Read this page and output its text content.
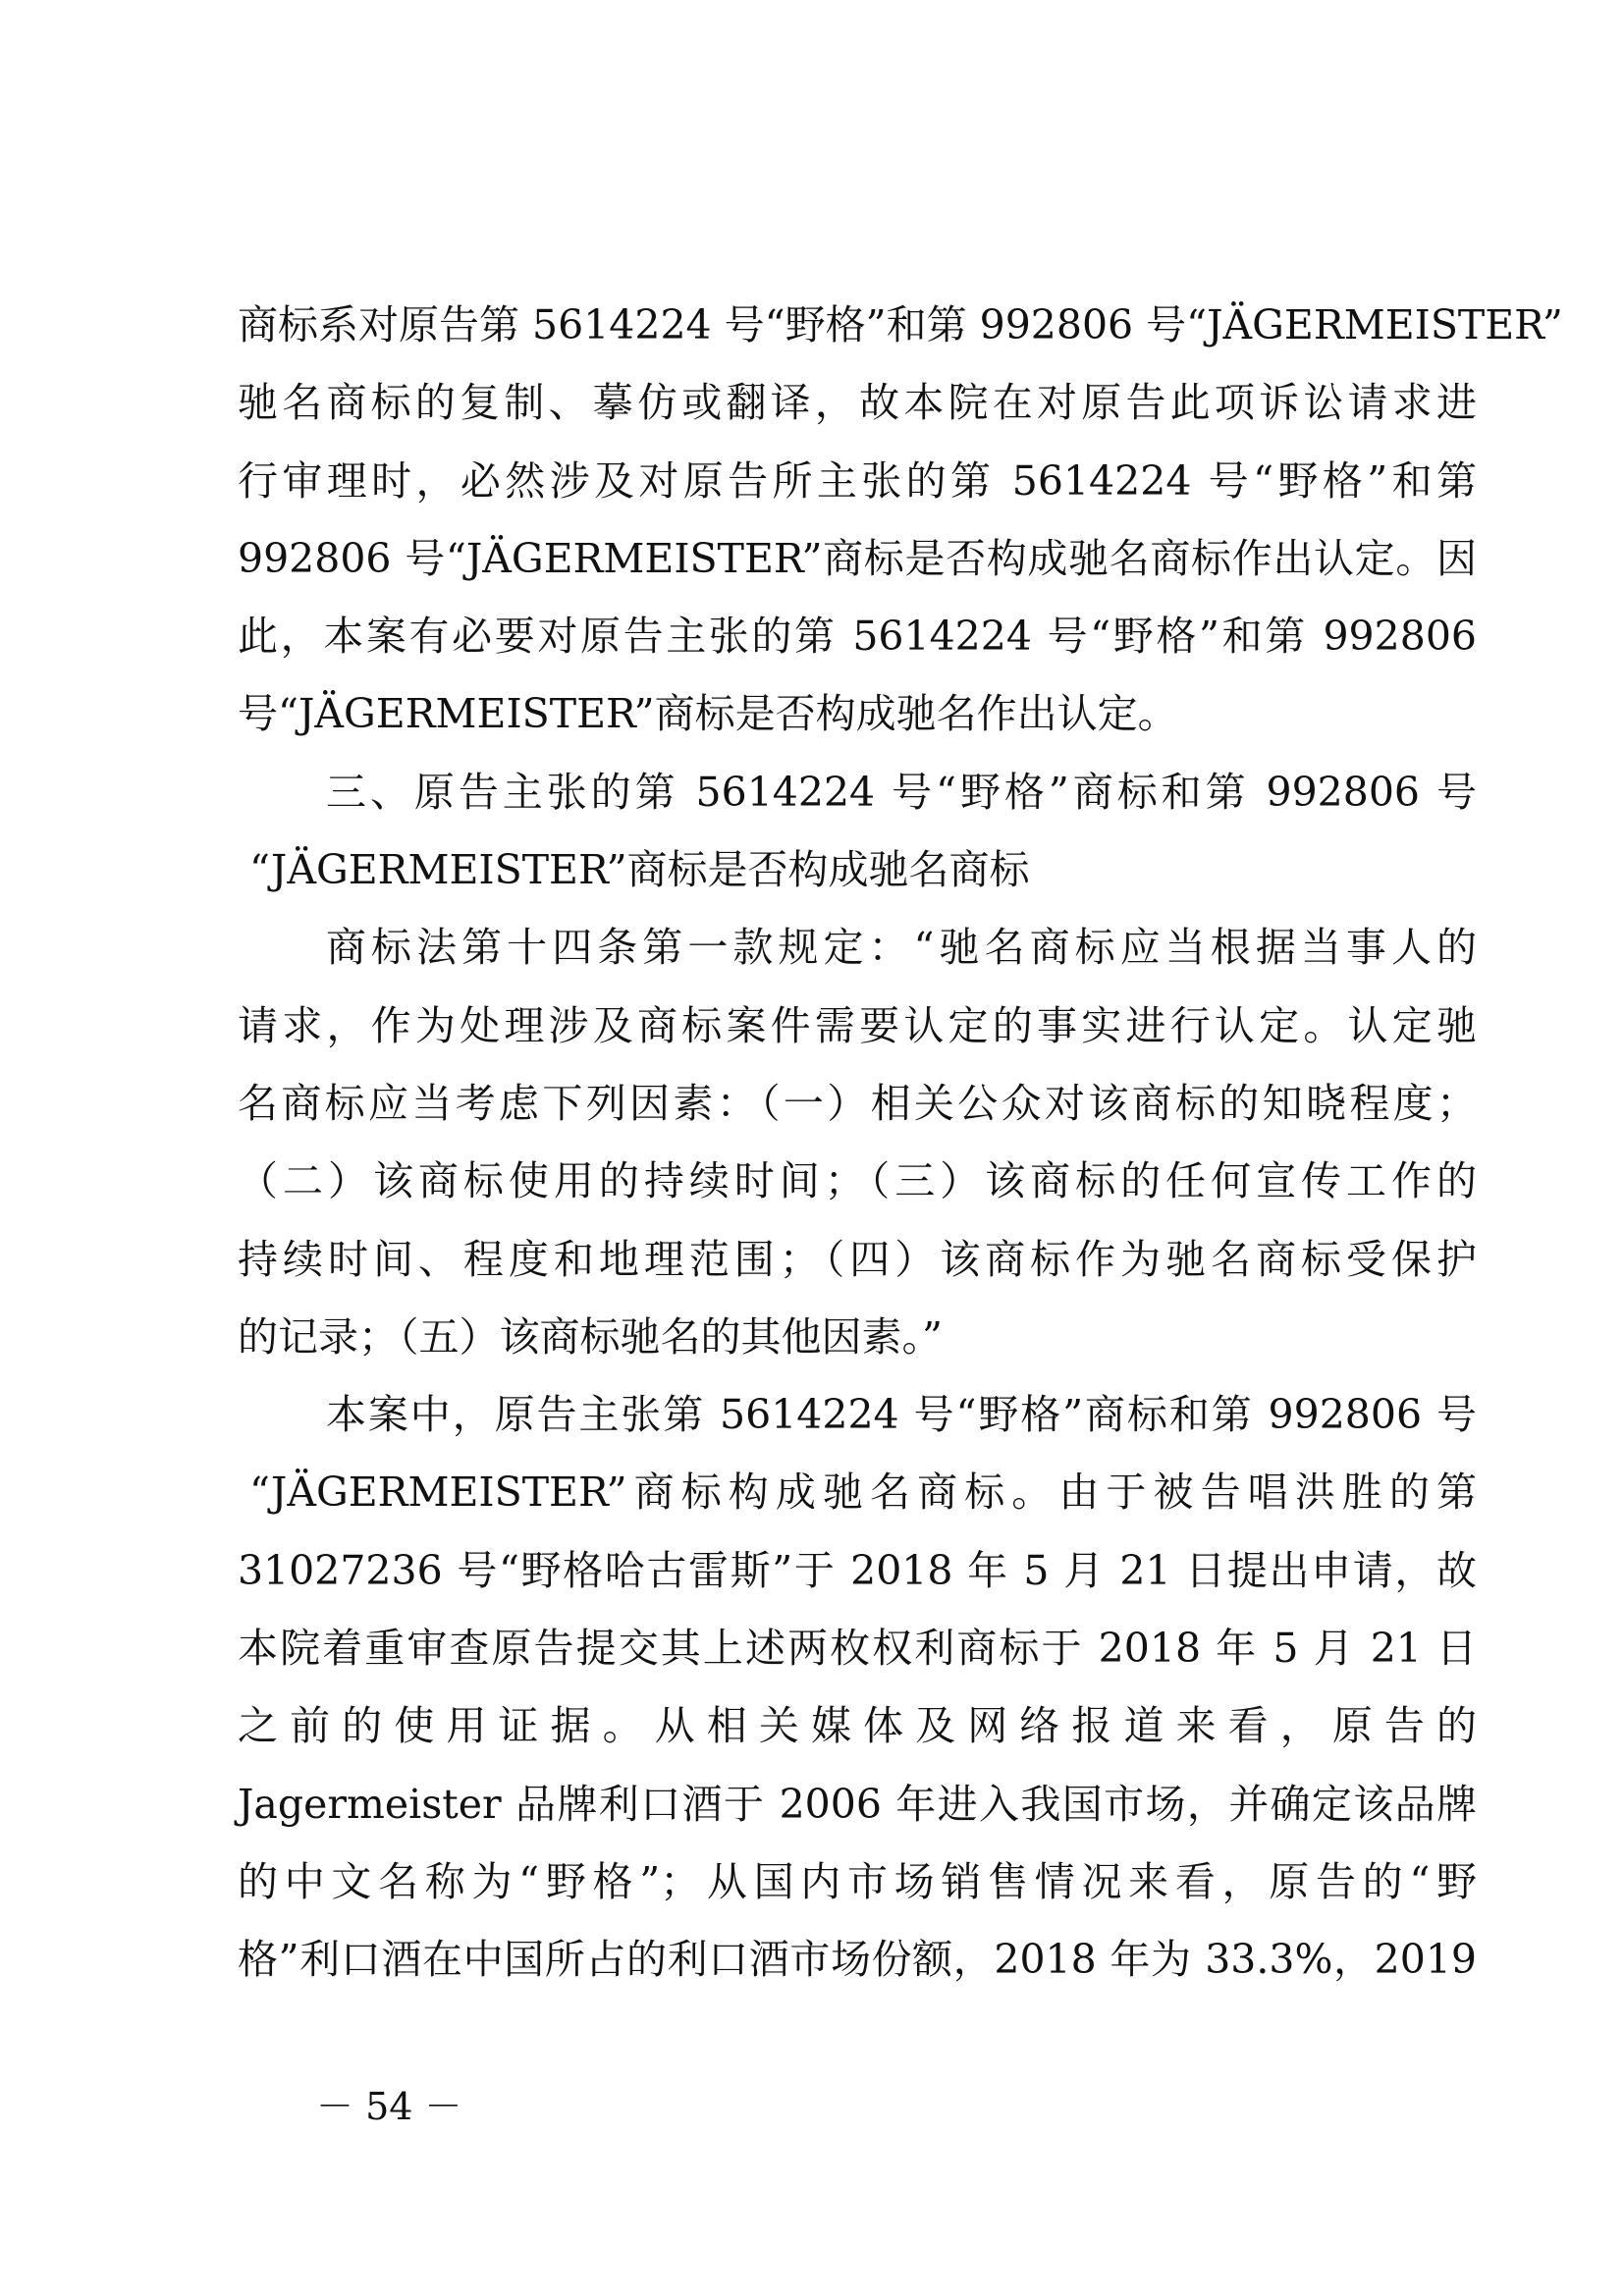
商标系对原告第 5614224 号“野格”和第 992806 号“JÄGERMEISTER”
驰名商标的复制、摹仿或翻译，故本院在对原告此项诉讼请求进
行审理时，必然涉及对原告所主张的第 5614224 号“野格”和第
992806 号“JÄGERMEISTER”商标是否构成驰名商标作出认定。因
此，本案有必要对原告主张的第 5614224 号“野格”和第 992806
号“JÄGERMEISTER”商标是否构成驰名作出认定。
三、原告主张的第 5614224 号“野格”商标和第 992806 号
“JÄGERMEISTER”商标是否构成驰名商标
商标法第十四条第一款规定：“驰名商标应当根据当事人的
请求，作为处理涉及商标案件需要认定的事实进行认定。认定驰
名商标应当考虑下列因素：（一）相关公众对该商标的知晓程度；
（二）该商标使用的持续时间；（三）该商标的任何宣传工作的
持续时间、程度和地理范围；（四）该商标作为驰名商标受保护
的记录；（五）该商标驰名的其他因素。”
本案中，原告主张第 5614224 号“野格”商标和第 992806 号
“JÄGERMEISTER”商标构成驰名商标。由于被告唱洪胜的第
31027236 号“野格哈古雷斯”于 2018 年 5 月 21 日提出申请，故
本院着重审查原告提交其上述两枚权利商标于 2018 年 5 月 21 日
之前的使用证据。从相关媒体及网络报道来看，原告的
Jagermeister 品牌利口酒于 2006 年进入我国市场，并确定该品牌
的中文名称为“野格”；从国内市场销售情况来看，原告的“野
格”利口酒在中国所占的利口酒市场份额，2018 年为 33.3%，2019
－ 54 －
